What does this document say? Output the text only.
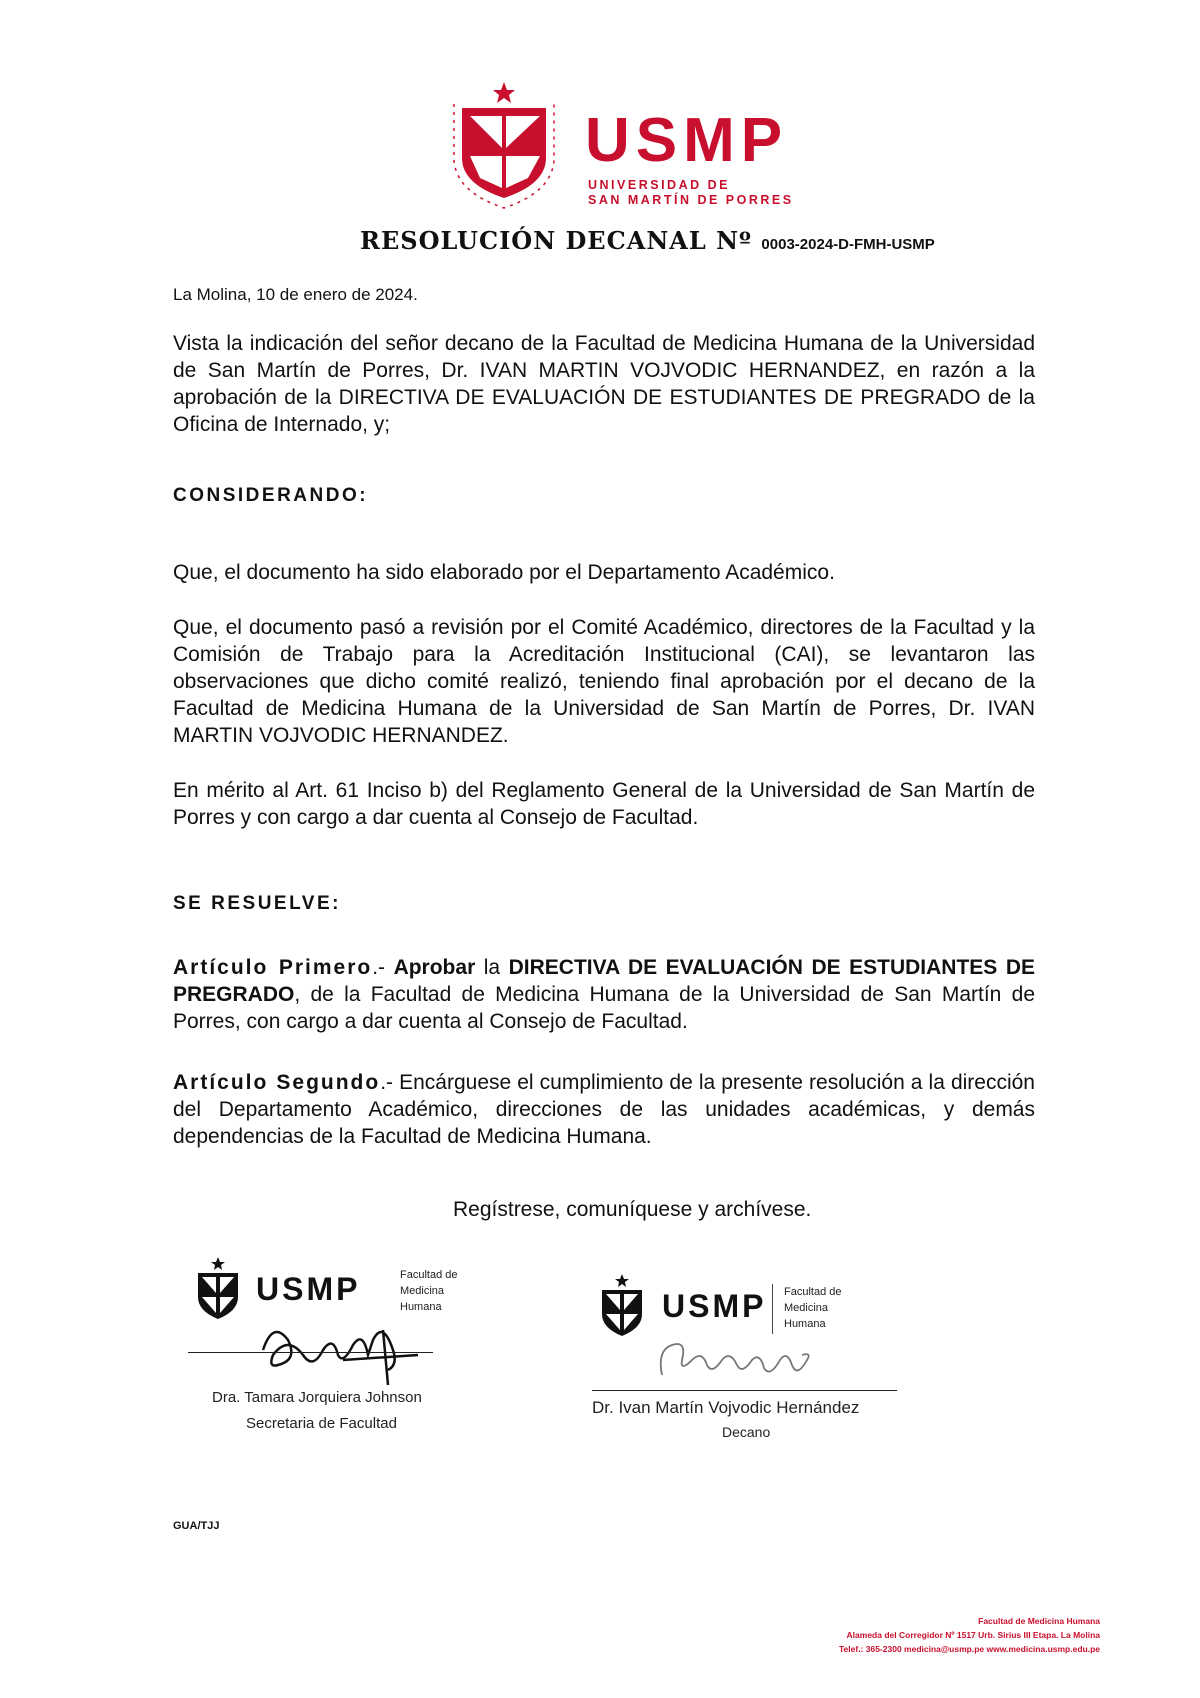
USMP
UNIVERSIDAD DE
SAN MARTÍN DE PORRES
RESOLUCIÓN DECANAL Nº 0003-2024-D-FMH-USMP
La Molina, 10 de enero de 2024.

Vista la indicación del señor decano de la Facultad de Medicina Humana de la Universidad de San Martín de Porres, Dr. IVAN MARTIN VOJVODIC HERNANDEZ, en razón a la aprobación de la DIRECTIVA DE EVALUACIÓN DE ESTUDIANTES DE PREGRADO de la Oficina de Internado, y;

CONSIDERANDO:

Que, el documento ha sido elaborado por el Departamento Académico.

Que, el documento pasó a revisión por el Comité Académico, directores de la Facultad y la Comisión de Trabajo para la Acreditación Institucional (CAI), se levantaron las observaciones que dicho comité realizó, teniendo final aprobación por el decano de la Facultad de Medicina Humana de la Universidad de San Martín de Porres, Dr. IVAN MARTIN VOJVODIC HERNANDEZ.

En mérito al Art. 61 Inciso b) del Reglamento General de la Universidad de San Martín de Porres y con cargo a dar cuenta al Consejo de Facultad.

SE RESUELVE:

Artículo Primero.- Aprobar la DIRECTIVA DE EVALUACIÓN DE ESTUDIANTES DE PREGRADO, de la Facultad de Medicina Humana de la Universidad de San Martín de Porres, con cargo a dar cuenta al Consejo de Facultad.

Artículo Segundo.- Encárguese el cumplimiento de la presente resolución a la dirección del Departamento Académico, direcciones de las unidades académicas, y demás dependencias de la Facultad de Medicina Humana.

Regístrese, comuníquese y archívese.
USMP	Facultad de
Medicina
Humana
Dra. Tamara Jorquiera Johnson
Secretaria de Facultad
USMP Facultad de
Medicina
Humana
Dr. Ivan Martín Vojvodic Hernández
Decano
GUA/TJJ
Facultad de Medicina Humana
Alameda del Corregidor Nº 1517 Urb. Sirius III Etapa. La Molina
Telef.: 365-2300 medicina@usmp.pe www.medicina.usmp.edu.pe
